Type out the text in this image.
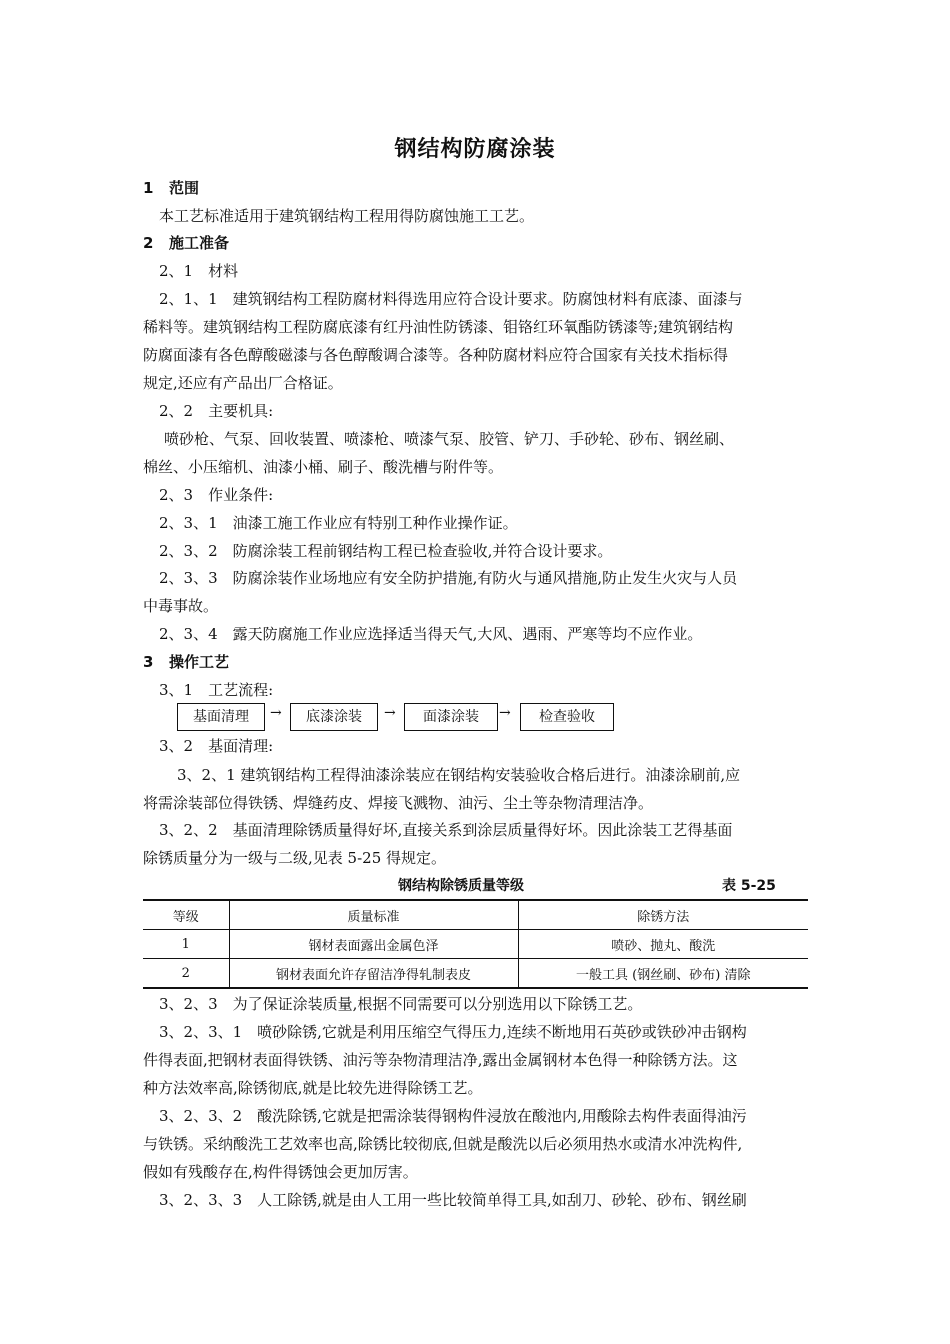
钢结构防腐涂装
1 范围
本工艺标准适用于建筑钢结构工程用得防腐蚀施工工艺。
2 施工准备
2、1　材料
2、1、1　建筑钢结构工程防腐材料得选用应符合设计要求。防腐蚀材料有底漆、面漆与
稀料等。建筑钢结构工程防腐底漆有红丹油性防锈漆、钼铬红环氧酯防锈漆等;建筑钢结构
防腐面漆有各色醇酸磁漆与各色醇酸调合漆等。各种防腐材料应符合国家有关技术指标得
规定,还应有产品出厂合格证。
2、2　主要机具:
喷砂枪、气泵、回收装置、喷漆枪、喷漆气泵、胶管、铲刀、手砂轮、砂布、钢丝刷、
棉丝、小压缩机、油漆小桶、刷子、酸洗槽与附件等。
2、3　作业条件:
2、3、1　油漆工施工作业应有特别工种作业操作证。
2、3、2　防腐涂装工程前钢结构工程已检查验收,并符合设计要求。
2、3、3　防腐涂装作业场地应有安全防护措施,有防火与通风措施,防止发生火灾与人员
中毒事故。
2、3、4　露天防腐施工作业应选择适当得天气,大风、遇雨、严寒等均不应作业。
3 操作工艺
3、1　工艺流程:
基面清理	→	底漆涂装	→	面漆涂装	→	检查验收
3、2　基面清理:
3、2、1 建筑钢结构工程得油漆涂装应在钢结构安装验收合格后进行。油漆涂刷前,应
将需涂装部位得铁锈、焊缝药皮、焊接飞溅物、油污、尘土等杂物清理洁净。
3、2、2　基面清理除锈质量得好坏,直接关系到涂层质量得好坏。因此涂装工艺得基面
除锈质量分为一级与二级,见表 5-25 得规定。
钢结构除锈质量等级	表 5-25
等级	质量标准	除锈方法
1	钢材表面露出金属色泽	喷砂、抛丸、酸洗
2	钢材表面允许存留洁净得轧制表皮	一般工具 (钢丝刷、砂布) 清除
3、2、3　为了保证涂装质量,根据不同需要可以分别选用以下除锈工艺。
3、2、3、1　喷砂除锈,它就是利用压缩空气得压力,连续不断地用石英砂或铁砂冲击钢构
件得表面,把钢材表面得铁锈、油污等杂物清理洁净,露出金属钢材本色得一种除锈方法。这
种方法效率高,除锈彻底,就是比较先进得除锈工艺。
3、2、3、2　酸洗除锈,它就是把需涂装得钢构件浸放在酸池内,用酸除去构件表面得油污
与铁锈。采纳酸洗工艺效率也高,除锈比较彻底,但就是酸洗以后必须用热水或清水冲洗构件,
假如有残酸存在,构件得锈蚀会更加厉害。
3、2、3、3　人工除锈,就是由人工用一些比较简单得工具,如刮刀、砂轮、砂布、钢丝刷
